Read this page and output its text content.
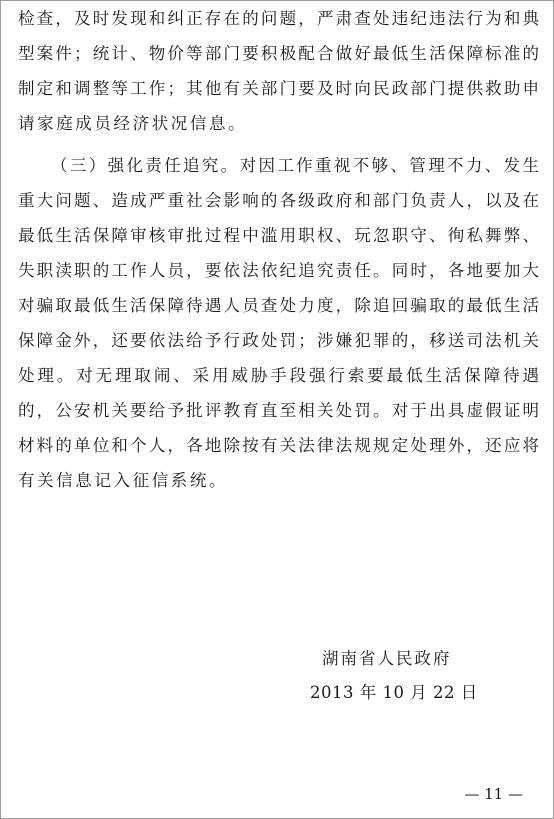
检查，及时发现和纠正存在的问题，严肃查处违纪违法行为和典
型案件；统计、物价等部门要积极配合做好最低生活保障标准的
制定和调整等工作；其他有关部门要及时向民政部门提供救助申
请家庭成员经济状况信息。
（三）强化责任追究。对因工作重视不够、管理不力、发生
重大问题、造成严重社会影响的各级政府和部门负责人，以及在
最低生活保障审核审批过程中滥用职权、玩忽职守、徇私舞弊、
失职渎职的工作人员，要依法依纪追究责任。同时，各地要加大
对骗取最低生活保障待遇人员查处力度，除追回骗取的最低生活
保障金外，还要依法给予行政处罚；涉嫌犯罪的，移送司法机关
处理。对无理取闹、采用威胁手段强行索要最低生活保障待遇
的，公安机关要给予批评教育直至相关处罚。对于出具虚假证明
材料的单位和个人，各地除按有关法律法规规定处理外，还应将
有关信息记入征信系统。
湖南省人民政府
2013 年 10 月 22 日
— 11 —
